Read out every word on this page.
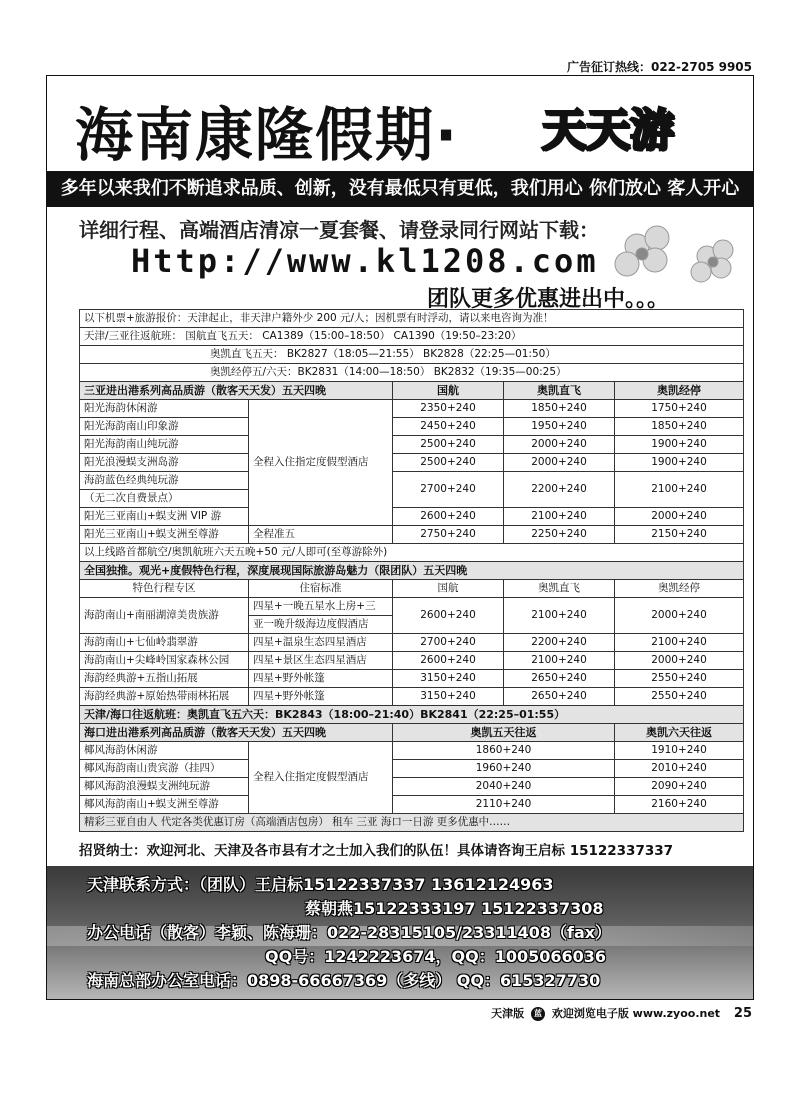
广告征订热线：022-2705 9905
海南康隆假期· 天天游
多年以来我们不断追求品质、创新，没有最低只有更低，我们用心 你们放心 客人开心
详细行程、高端酒店清凉一夏套餐、请登录同行网站下载：
Http://www.kl1208.com
团队更多优惠进出中。。。
以下机票+旅游报价：天津起止，非天津户籍外少 200 元/人；因机票有时浮动，请以来电咨询为准！				
天津/三亚往返航班： 国航直飞五天： CA1389（15:00–18:50） CA1390（19:50–23:20）				
奥凯直飞五天： BK2827（18:05—21:55） BK2828（22:25—01:50）				
奥凯经停五/六天：BK2831（14:00—18:50） BK2832（19:35—00:25）				
三亚进出港系列高品质游（散客天天发）五天四晚		国航	奥凯直飞	奥凯经停
阳光海韵休闲游	全程入住指定度假型酒店	2350+240	1850+240	1750+240
阳光海韵南山印象游		2450+240	1950+240	1850+240
阳光海韵南山纯玩游		2500+240	2000+240	1900+240
阳光浪漫蜈支洲岛游		2500+240	2000+240	1900+240
海韵蓝色经典纯玩游		2700+240	2200+240	2100+240
（无二次自费景点）				
阳光三亚南山+蜈支洲 VIP 游		2600+240	2100+240	2000+240
阳光三亚南山+蜈支洲至尊游	全程准五	2750+240	2250+240	2150+240
以上线路首都航空/奥凯航班六天五晚+50 元/人即可(至尊游除外)				
全国独推。观光+度假特色行程，深度展现国际旅游岛魅力（限团队）五天四晚				
特色行程专区	住宿标准	国航	奥凯直飞	奥凯经停
海韵南山+南丽湖漳美贵族游	四星+一晚五星水上房+三	2600+240	2100+240	2000+240
	亚一晚升级海边度假酒店			
海韵南山+七仙岭翡翠游	四星+温泉生态四星酒店	2700+240	2200+240	2100+240
海韵南山+尖峰岭国家森林公园	四星+景区生态四星酒店	2600+240	2100+240	2000+240
海韵经典游+五指山拓展	四星+野外帐篷	3150+240	2650+240	2550+240
海韵经典游+原始热带雨林拓展	四星+野外帐篷	3150+240	2650+240	2550+240
天津/海口往返航班：奥凯直飞五六天：BK2843（18:00–21:40）BK2841（22:25–01:55）				
海口进出港系列高品质游（散客天天发）五天四晚		奥凯五天往返		奥凯六天往返
椰风海韵休闲游	全程入住指定度假型酒店	1860+240		1910+240
椰风海韵南山贵宾游（挂四）		1960+240		2010+240
椰风海韵浪漫蜈支洲纯玩游		2040+240		2090+240
椰风海韵南山+蜈支洲至尊游		2110+240		2160+240
精彩三亚自由人 代定各类优惠订房（高端酒店包房） 租车 三亚 海口一日游 更多优惠中……				
招贤纳士：欢迎河北、天津及各市县有才之士加入我们的队伍！具体请咨询王启标 15122337337
天津联系方式：（团队）王启标15122337337 13612124963
蔡朝燕15122333197 15122337308
办公电话（散客）李颖、陈海珊：022-28315105/23311408（fax）
QQ号：1242223674，QQ：1005066036
海南总部办公室电话：0898-66667369（多线） QQ：615327730
天津版 蓝 欢迎浏览电子版 www.zyoo.net 25
